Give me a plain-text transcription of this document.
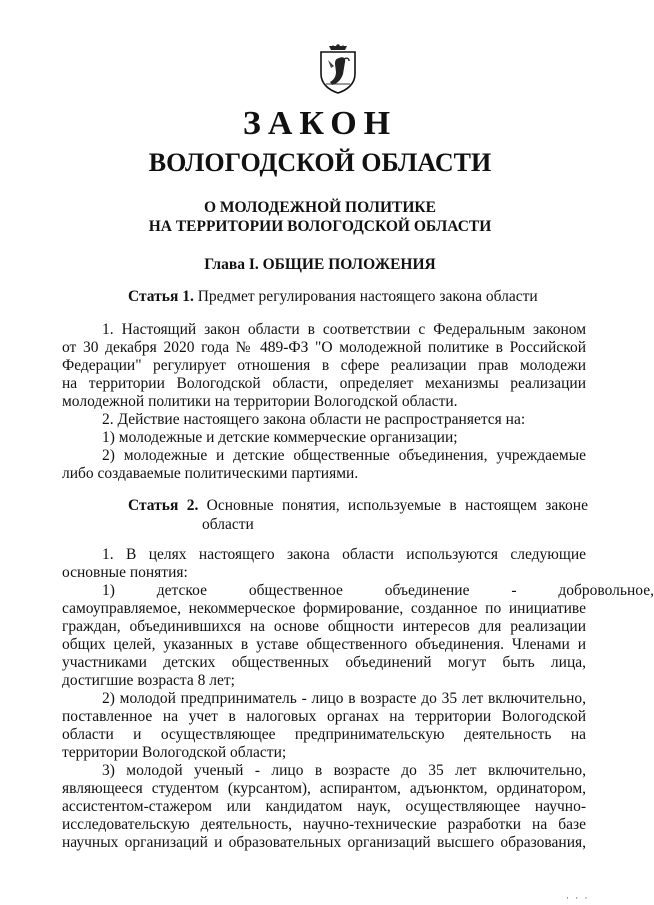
ЗАКОН
ВОЛОГОДСКОЙ ОБЛАСТИ
О МОЛОДЕЖНОЙ ПОЛИТИКЕ
НА ТЕРРИТОРИИ ВОЛОГОДСКОЙ ОБЛАСТИ
Глава I. ОБЩИЕ ПОЛОЖЕНИЯ
Статья 1. Предмет регулирования настоящего закона области
1. Настоящий закон области в соответствии с Федеральным законом
от 30 декабря 2020 года № 489-ФЗ "О молодежной политике в Российской
Федерации" регулирует отношения в сфере реализации прав молодежи
на территории Вологодской области, определяет механизмы реализации
молодежной политики на территории Вологодской области.
2. Действие настоящего закона области не распространяется на:
1) молодежные и детские коммерческие организации;
2) молодежные и детские общественные объединения, учреждаемые
либо создаваемые политическими партиями.
Статья 2. Основные понятия, используемые в настоящем законе
области
1. В целях настоящего закона области используются следующие
основные понятия:
1) детское общественное объединение - добровольное,
самоуправляемое, некоммерческое формирование, созданное по инициативе
граждан, объединившихся на основе общности интересов для реализации
общих целей, указанных в уставе общественного объединения. Членами и
участниками детских общественных объединений могут быть лица,
достигшие возраста 8 лет;
2) молодой предприниматель - лицо в возрасте до 35 лет включительно,
поставленное на учет в налоговых органах на территории Вологодской
области и осуществляющее предпринимательскую деятельность на
территории Вологодской области;
3) молодой ученый - лицо в возрасте до 35 лет включительно,
являющееся студентом (курсантом), аспирантом, адъюнктом, ординатором,
ассистентом-стажером или кандидатом наук, осуществляющее научно-
исследовательскую деятельность, научно-технические разработки на базе
научных организаций и образовательных организаций высшего образования,
· · ·
